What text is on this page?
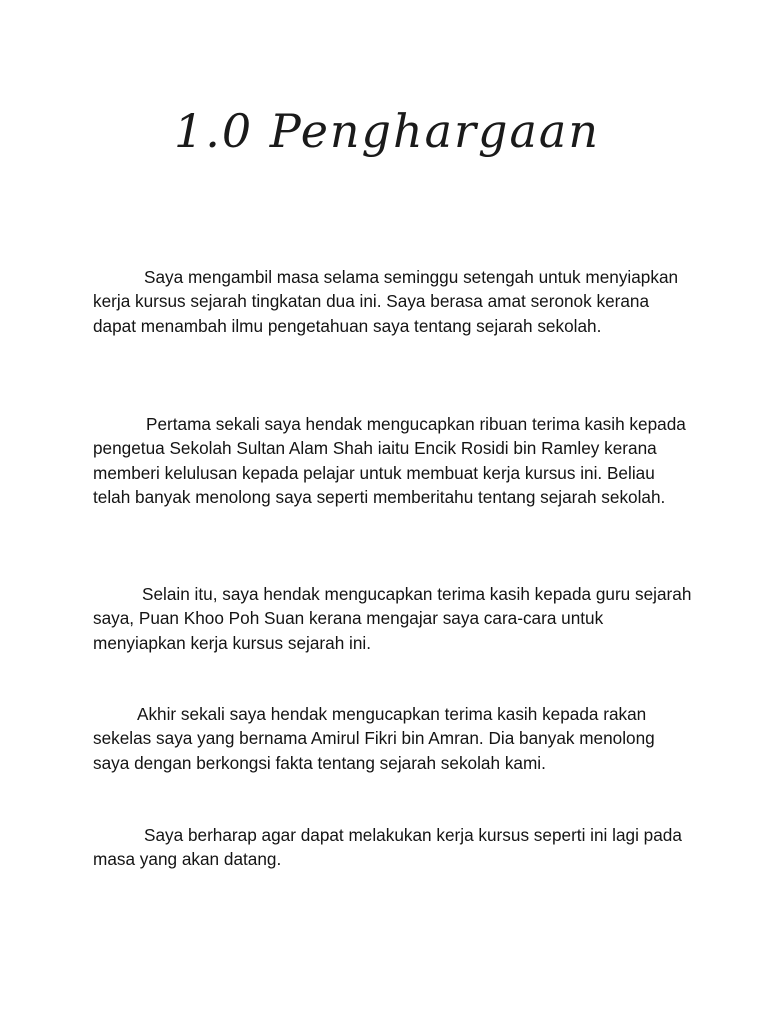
1.0 Penghargaan

Saya mengambil masa selama seminggu setengah untuk menyiapkan kerja kursus sejarah tingkatan dua ini. Saya berasa amat seronok kerana dapat menambah ilmu pengetahuan saya tentang sejarah sekolah.

Pertama sekali saya hendak mengucapkan ribuan terima kasih kepada pengetua Sekolah Sultan Alam Shah iaitu Encik Rosidi bin Ramley kerana memberi kelulusan kepada pelajar untuk membuat kerja kursus ini. Beliau telah banyak menolong saya seperti memberitahu tentang sejarah sekolah.

Selain itu, saya hendak mengucapkan terima kasih kepada guru sejarah saya, Puan Khoo Poh Suan kerana mengajar saya cara-cara untuk menyiapkan kerja kursus sejarah ini.

Akhir sekali saya hendak mengucapkan terima kasih kepada rakan sekelas saya yang bernama Amirul Fikri bin Amran. Dia banyak menolong saya dengan berkongsi fakta tentang sejarah sekolah kami.

Saya berharap agar dapat melakukan kerja kursus seperti ini lagi pada masa yang akan datang.
